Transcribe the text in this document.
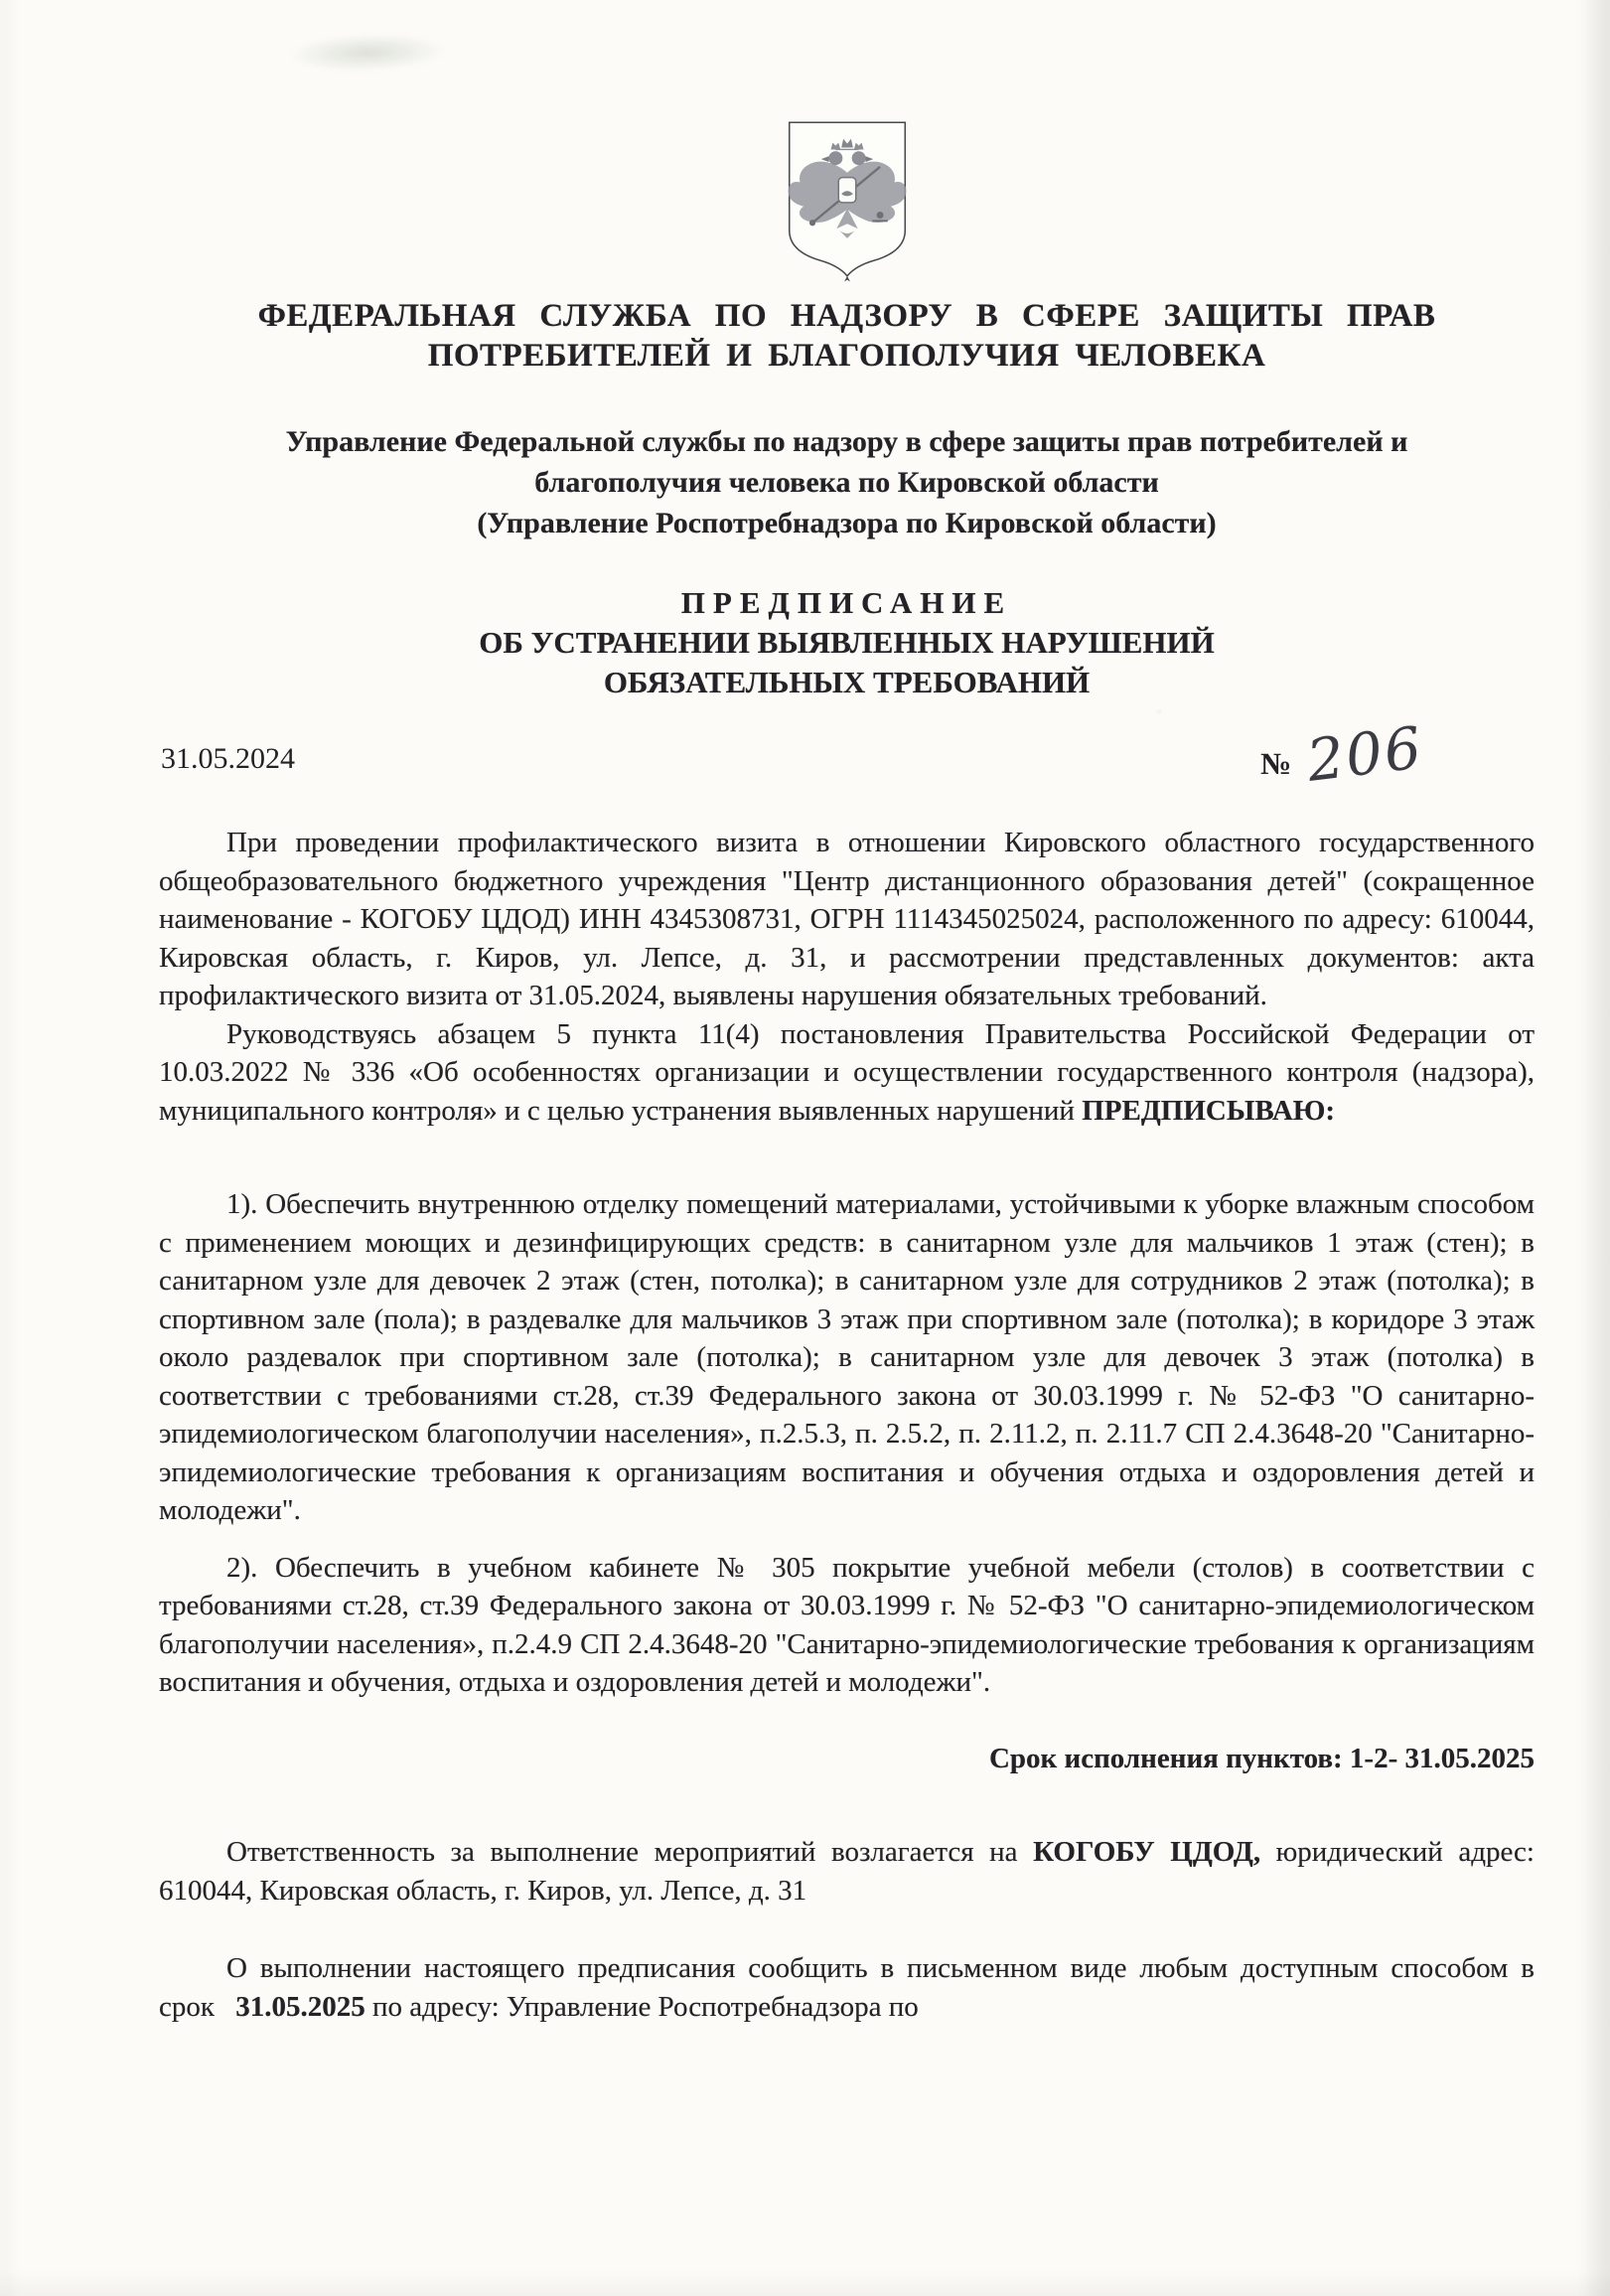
ФЕДЕРАЛЬНАЯ СЛУЖБА ПО НАДЗОРУ В СФЕРЕ ЗАЩИТЫ ПРАВ
ПОТРЕБИТЕЛЕЙ И БЛАГОПОЛУЧИЯ ЧЕЛОВЕКА
Управление Федеральной службы по надзору в сфере защиты прав потребителей и
благополучия человека по Кировской области
(Управление Роспотребнадзора по Кировской области)
ПРЕДПИСАНИЕ
ОБ УСТРАНЕНИИ ВЫЯВЛЕННЫХ НАРУШЕНИЙ
ОБЯЗАТЕЛЬНЫХ ТРЕБОВАНИЙ
31.05.2024	№ 206

При проведении профилактического визита в отношении Кировского областного государственного общеобразовательного бюджетного учреждения "Центр дистанционного образования детей" (сокращенное наименование - КОГОБУ ЦДОД) ИНН 4345308731, ОГРН 1114345025024, расположенного по адресу: 610044, Кировская область, г. Киров, ул. Лепсе, д. 31, и рассмотрении представленных документов: акта профилактического визита от 31.05.2024, выявлены нарушения обязательных требований.

Руководствуясь абзацем 5 пункта 11(4) постановления Правительства Российской Федерации от 10.03.2022 № 336 «Об особенностях организации и осуществлении государственного контроля (надзора), муниципального контроля» и с целью устранения выявленных нарушений ПРЕДПИСЫВАЮ:

1). Обеспечить внутреннюю отделку помещений материалами, устойчивыми к уборке влажным способом с применением моющих и дезинфицирующих средств: в санитарном узле для мальчиков 1 этаж (стен); в санитарном узле для девочек 2 этаж (стен, потолка); в санитарном узле для сотрудников 2 этаж (потолка); в спортивном зале (пола); в раздевалке для мальчиков 3 этаж при спортивном зале (потолка); в коридоре 3 этаж около раздевалок при спортивном зале (потолка); в санитарном узле для девочек 3 этаж (потолка) в соответствии с требованиями ст.28, ст.39 Федерального закона от 30.03.1999 г. № 52-ФЗ "О санитарно-эпидемиологическом благополучии населения», п.2.5.3, п. 2.5.2, п. 2.11.2, п. 2.11.7 СП 2.4.3648-20 "Санитарно-эпидемиологические требования к организациям воспитания и обучения отдыха и оздоровления детей и молодежи".

2). Обеспечить в учебном кабинете № 305 покрытие учебной мебели (столов) в соответствии с требованиями ст.28, ст.39 Федерального закона от 30.03.1999 г. № 52-ФЗ "О санитарно-эпидемиологическом благополучии населения», п.2.4.9 СП 2.4.3648-20 "Санитарно-эпидемиологические требования к организациям воспитания и обучения, отдыха и оздоровления детей и молодежи".

Срок исполнения пунктов: 1-2- 31.05.2025

Ответственность за выполнение мероприятий возлагается на КОГОБУ ЦДОД, юридический адрес: 610044, Кировская область, г. Киров, ул. Лепсе, д. 31

О выполнении настоящего предписания сообщить в письменном виде любым доступным способом в срок 31.05.2025 по адресу: Управление Роспотребнадзора по
